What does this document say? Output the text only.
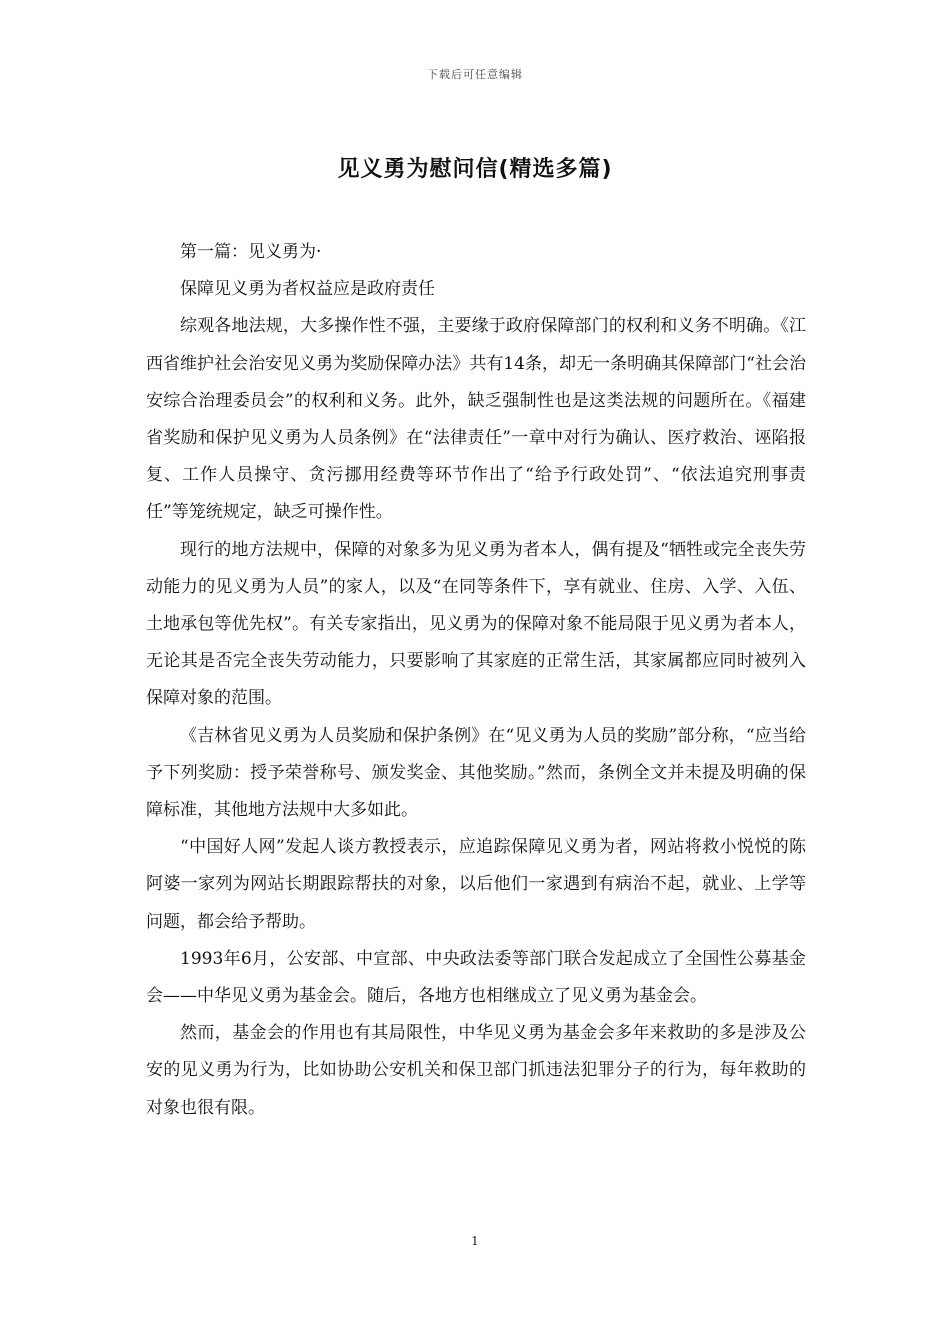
下载后可任意编辑
见义勇为慰问信(精选多篇)

第一篇：见义勇为·

保障见义勇为者权益应是政府责任

综观各地法规，大多操作性不强，主要缘于政府保障部门的权利和义务不明确。《江西省维护社会治安见义勇为奖励保障办法》共有14条，却无一条明确其保障部门“社会治安综合治理委员会”的权利和义务。此外，缺乏强制性也是这类法规的问题所在。《福建省奖励和保护见义勇为人员条例》在“法律责任”一章中对行为确认、医疗救治、诬陷报复、工作人员操守、贪污挪用经费等环节作出了“给予行政处罚”、“依法追究刑事责任”等笼统规定，缺乏可操作性。

现行的地方法规中，保障的对象多为见义勇为者本人，偶有提及“牺牲或完全丧失劳动能力的见义勇为人员”的家人，以及“在同等条件下，享有就业、住房、入学、入伍、土地承包等优先权”。有关专家指出，见义勇为的保障对象不能局限于见义勇为者本人，无论其是否完全丧失劳动能力，只要影响了其家庭的正常生活，其家属都应同时被列入保障对象的范围。

《吉林省见义勇为人员奖励和保护条例》在“见义勇为人员的奖励”部分称，“应当给予下列奖励：授予荣誉称号、颁发奖金、其他奖励。”然而，条例全文并未提及明确的保障标准，其他地方法规中大多如此。

“中国好人网”发起人谈方教授表示，应追踪保障见义勇为者，网站将救小悦悦的陈阿婆一家列为网站长期跟踪帮扶的对象，以后他们一家遇到有病治不起，就业、上学等问题，都会给予帮助。

1993年6月，公安部、中宣部、中央政法委等部门联合发起成立了全国性公募基金会——中华见义勇为基金会。随后，各地方也相继成立了见义勇为基金会。

然而，基金会的作用也有其局限性，中华见义勇为基金会多年来救助的多是涉及公安的见义勇为行为，比如协助公安机关和保卫部门抓违法犯罪分子的行为，每年救助的对象也很有限。

1
